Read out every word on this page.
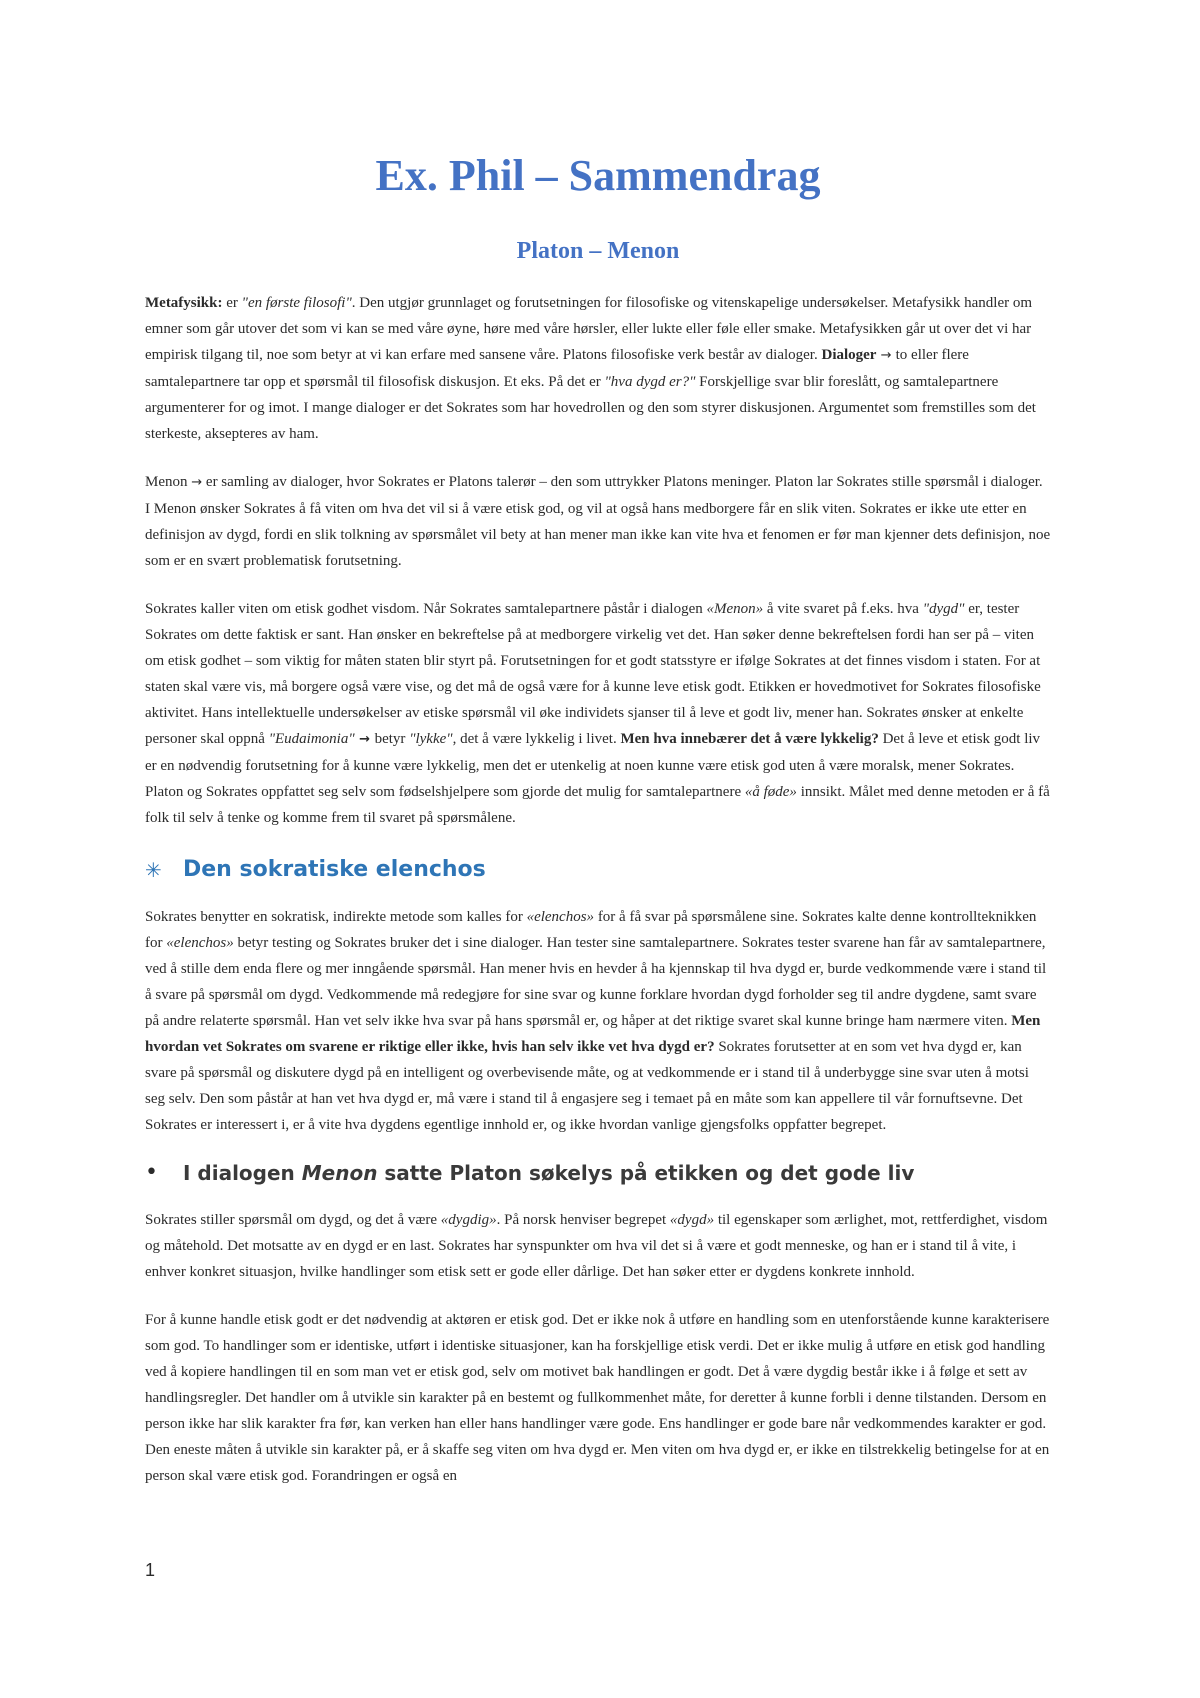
Ex. Phil – Sammendrag
Platon – Menon

Metafysikk: er "en første filosofi". Den utgjør grunnlaget og forutsetningen for filosofiske og vitenskapelige undersøkelser. Metafysikk handler om emner som går utover det som vi kan se med våre øyne, høre med våre hørsler, eller lukte eller føle eller smake. Metafysikken går ut over det vi har empirisk tilgang til, noe som betyr at vi kan erfare med sansene våre. Platons filosofiske verk består av dialoger. Dialoger → to eller flere samtalepartnere tar opp et spørsmål til filosofisk diskusjon. Et eks. På det er "hva dygd er?" Forskjellige svar blir foreslått, og samtalepartnere argumenterer for og imot. I mange dialoger er det Sokrates som har hovedrollen og den som styrer diskusjonen. Argumentet som fremstilles som det sterkeste, aksepteres av ham.

Menon → er samling av dialoger, hvor Sokrates er Platons talerør – den som uttrykker Platons meninger. Platon lar Sokrates stille spørsmål i dialoger. I Menon ønsker Sokrates å få viten om hva det vil si å være etisk god, og vil at også hans medborgere får en slik viten. Sokrates er ikke ute etter en definisjon av dygd, fordi en slik tolkning av spørsmålet vil bety at han mener man ikke kan vite hva et fenomen er før man kjenner dets definisjon, noe som er en svært problematisk forutsetning.

Sokrates kaller viten om etisk godhet visdom. Når Sokrates samtalepartnere påstår i dialogen «Menon» å vite svaret på f.eks. hva "dygd" er, tester Sokrates om dette faktisk er sant. Han ønsker en bekreftelse på at medborgere virkelig vet det. Han søker denne bekreftelsen fordi han ser på – viten om etisk godhet – som viktig for måten staten blir styrt på. Forutsetningen for et godt statsstyre er ifølge Sokrates at det finnes visdom i staten. For at staten skal være vis, må borgere også være vise, og det må de også være for å kunne leve etisk godt. Etikken er hovedmotivet for Sokrates filosofiske aktivitet. Hans intellektuelle undersøkelser av etiske spørsmål vil øke individets sjanser til å leve et godt liv, mener han. Sokrates ønsker at enkelte personer skal oppnå "Eudaimonia" → betyr "lykke", det å være lykkelig i livet. Men hva innebærer det å være lykkelig? Det å leve et etisk godt liv er en nødvendig forutsetning for å kunne være lykkelig, men det er utenkelig at noen kunne være etisk god uten å være moralsk, mener Sokrates. Platon og Sokrates oppfattet seg selv som fødselshjelpere som gjorde det mulig for samtalepartnere «å føde» innsikt. Målet med denne metoden er å få folk til selv å tenke og komme frem til svaret på spørsmålene.

✳ Den sokratiske elenchos

Sokrates benytter en sokratisk, indirekte metode som kalles for «elenchos» for å få svar på spørsmålene sine. Sokrates kalte denne kontrollteknikken for «elenchos» betyr testing og Sokrates bruker det i sine dialoger. Han tester sine samtalepartnere. Sokrates tester svarene han får av samtalepartnere, ved å stille dem enda flere og mer inngående spørsmål. Han mener hvis en hevder å ha kjennskap til hva dygd er, burde vedkommende være i stand til å svare på spørsmål om dygd. Vedkommende må redegjøre for sine svar og kunne forklare hvordan dygd forholder seg til andre dygdene, samt svare på andre relaterte spørsmål. Han vet selv ikke hva svar på hans spørsmål er, og håper at det riktige svaret skal kunne bringe ham nærmere viten. Men hvordan vet Sokrates om svarene er riktige eller ikke, hvis han selv ikke vet hva dygd er? Sokrates forutsetter at en som vet hva dygd er, kan svare på spørsmål og diskutere dygd på en intelligent og overbevisende måte, og at vedkommende er i stand til å underbygge sine svar uten å motsi seg selv. Den som påstår at han vet hva dygd er, må være i stand til å engasjere seg i temaet på en måte som kan appellere til vår fornuftsevne. Det Sokrates er interessert i, er å vite hva dygdens egentlige innhold er, og ikke hvordan vanlige gjengsfolks oppfatter begrepet.

•	I dialogen Menon satte Platon søkelys på etikken og det gode liv

Sokrates stiller spørsmål om dygd, og det å være «dygdig». På norsk henviser begrepet «dygd» til egenskaper som ærlighet, mot, rettferdighet, visdom og måtehold. Det motsatte av en dygd er en last. Sokrates har synspunkter om hva vil det si å være et godt menneske, og han er i stand til å vite, i enhver konkret situasjon, hvilke handlinger som etisk sett er gode eller dårlige. Det han søker etter er dygdens konkrete innhold.

For å kunne handle etisk godt er det nødvendig at aktøren er etisk god. Det er ikke nok å utføre en handling som en utenforstående kunne karakterisere som god. To handlinger som er identiske, utført i identiske situasjoner, kan ha forskjellige etisk verdi. Det er ikke mulig å utføre en etisk god handling ved å kopiere handlingen til en som man vet er etisk god, selv om motivet bak handlingen er godt. Det å være dygdig består ikke i å følge et sett av handlingsregler. Det handler om å utvikle sin karakter på en bestemt og fullkommenhet måte, for deretter å kunne forbli i denne tilstanden. Dersom en person ikke har slik karakter fra før, kan verken han eller hans handlinger være gode. Ens handlinger er gode bare når vedkommendes karakter er god. Den eneste måten å utvikle sin karakter på, er å skaffe seg viten om hva dygd er. Men viten om hva dygd er, er ikke en tilstrekkelig betingelse for at en person skal være etisk god. Forandringen er også en

1
